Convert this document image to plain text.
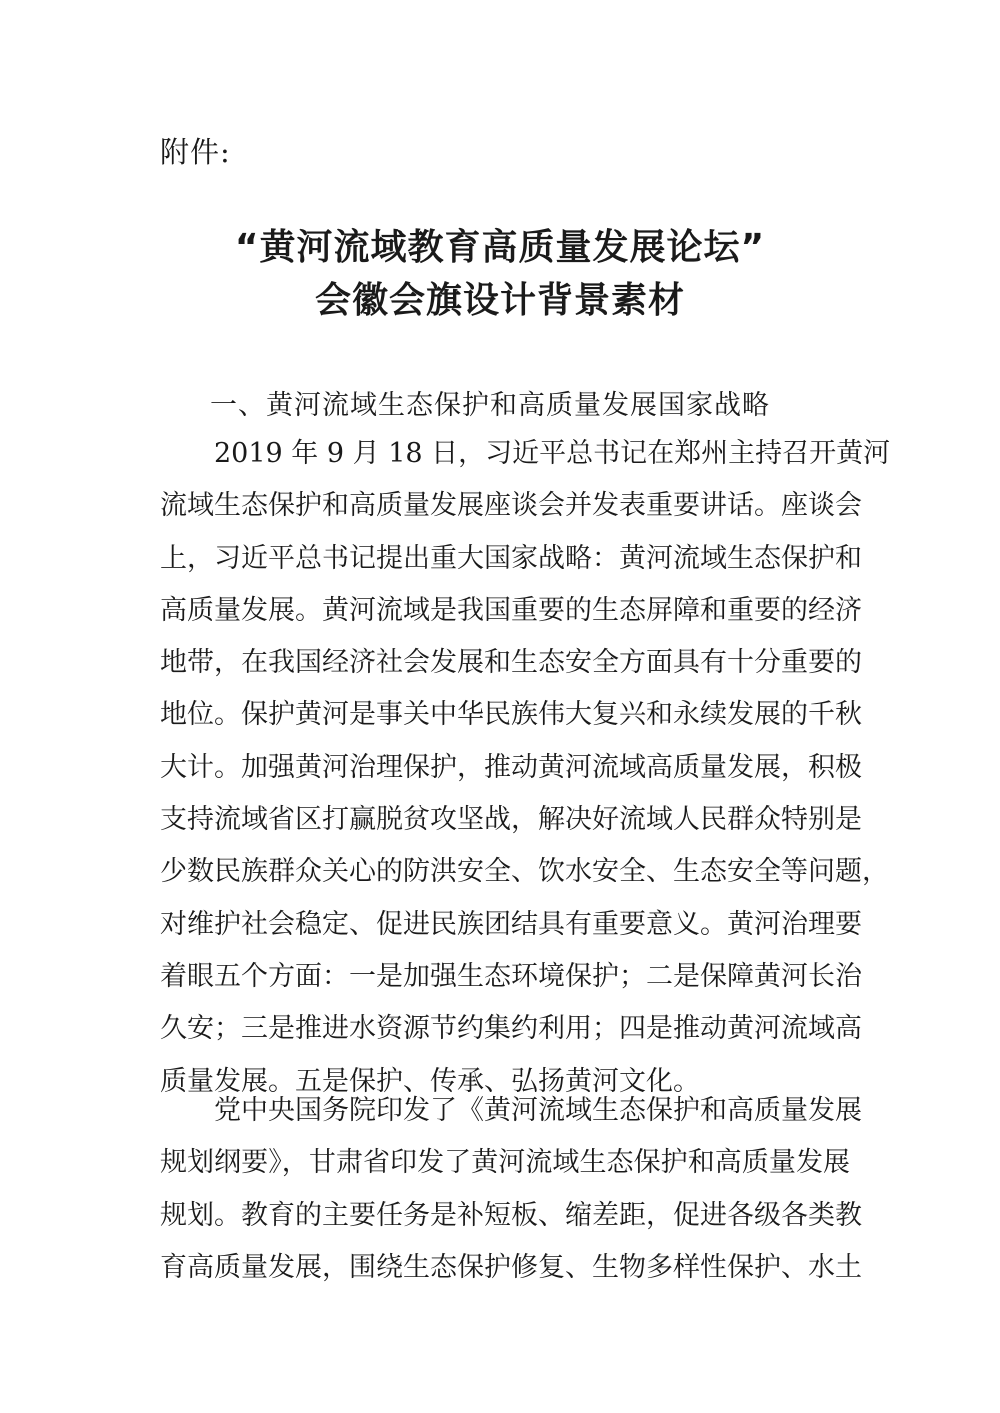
附件:
“黄河流域教育高质量发展论坛”
会徽会旗设计背景素材
一、黄河流域生态保护和高质量发展国家战略
2019 年 9 月 18 日，习近平总书记在郑州主持召开黄河
流域生态保护和高质量发展座谈会并发表重要讲话。座谈会
上，习近平总书记提出重大国家战略：黄河流域生态保护和
高质量发展。黄河流域是我国重要的生态屏障和重要的经济
地带，在我国经济社会发展和生态安全方面具有十分重要的
地位。保护黄河是事关中华民族伟大复兴和永续发展的千秋
大计。加强黄河治理保护，推动黄河流域高质量发展，积极
支持流域省区打赢脱贫攻坚战，解决好流域人民群众特别是
少数民族群众关心的防洪安全、饮水安全、生态安全等问题，
对维护社会稳定、促进民族团结具有重要意义。黄河治理要
着眼五个方面：一是加强生态环境保护；二是保障黄河长治
久安；三是推进水资源节约集约利用；四是推动黄河流域高
质量发展。五是保护、传承、弘扬黄河文化。
党中央国务院印发了《黄河流域生态保护和高质量发展
规划纲要》，甘肃省印发了黄河流域生态保护和高质量发展
规划。教育的主要任务是补短板、缩差距，促进各级各类教
育高质量发展，围绕生态保护修复、生物多样性保护、水土
